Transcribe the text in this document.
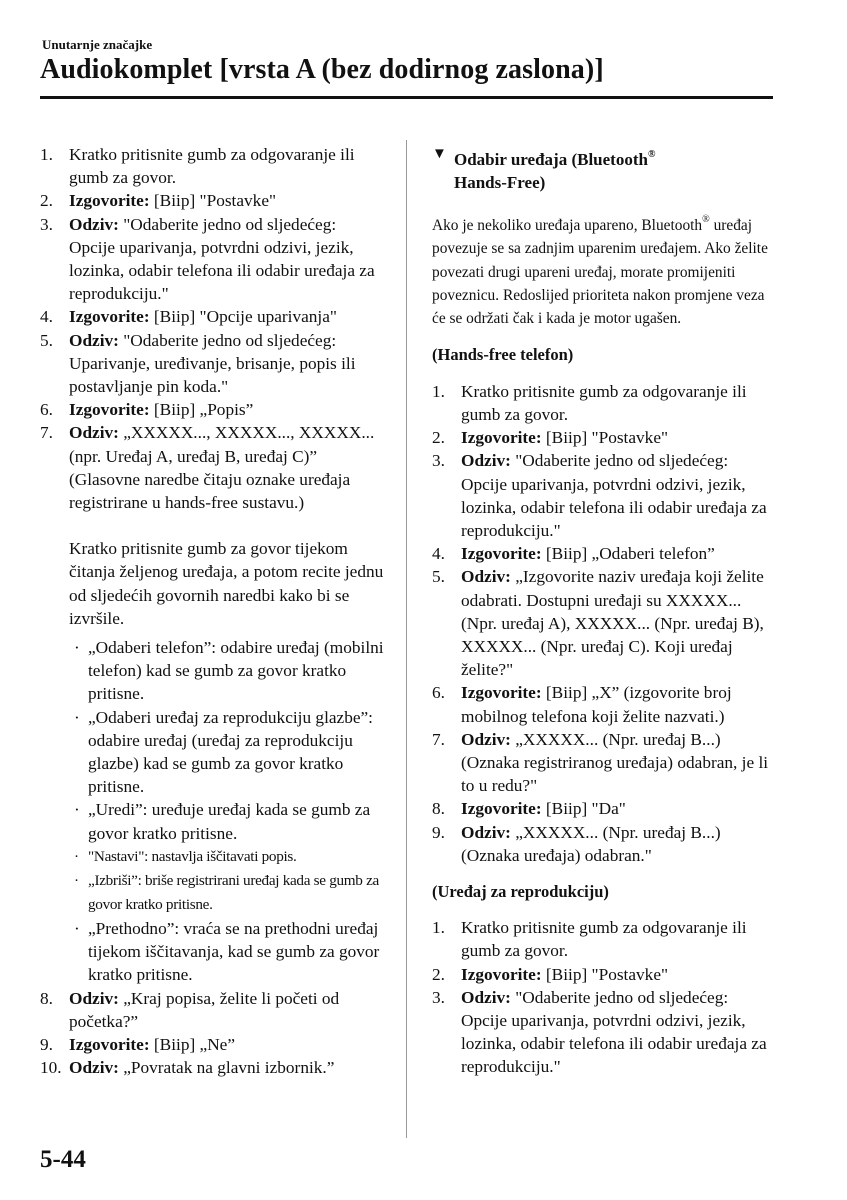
Unutarnje značajke
Audiokomplet [vrsta A (bez dodirnog zaslona)]
1. Kratko pritisnite gumb za odgovaranje ili gumb za govor.
2. Izgovorite: [Biip] "Postavke"
3. Odziv: "Odaberite jedno od sljedećeg: Opcije uparivanja, potvrdni odzivi, jezik, lozinka, odabir telefona ili odabir uređaja za reprodukciju."
4. Izgovorite: [Biip] "Opcije uparivanja"
5. Odziv: "Odaberite jedno od sljedećeg: Uparivanje, uređivanje, brisanje, popis ili postavljanje pin koda."
6. Izgovorite: [Biip] „Popis”
7. Odziv: „XXXXX..., XXXXX..., XXXXX... (npr. Uređaj A, uređaj B, uređaj C)” (Glasovne naredbe čitaju oznake uređaja registrirane u hands-free sustavu.)

Kratko pritisnite gumb za govor tijekom čitanja željenog uređaja, a potom recite jednu od sljedećih govornih naredbi kako bi se izvršile.

· „Odaberi telefon”: odabire uređaj (mobilni telefon) kad se gumb za govor kratko pritisne.
· „Odaberi uređaj za reprodukciju glazbe”: odabire uređaj (uređaj za reprodukciju glazbe) kad se gumb za govor kratko pritisne.
· „Uredi”: uređuje uređaj kada se gumb za govor kratko pritisne.
· "Nastavi": nastavlja iščitavati popis.
· „Izbriši”: briše registrirani uređaj kada se gumb za govor kratko pritisne.
· „Prethodno”: vraća se na prethodni uređaj tijekom iščitavanja, kad se gumb za govor kratko pritisne.
8. Odziv: „Kraj popisa, želite li početi od početka?”
9. Izgovorite: [Biip] „Ne”
10. Odziv: „Povratak na glavni izbornik.”
▼ Odabir uređaja (Bluetooth®
Hands-Free)

Ako je nekoliko uređaja upareno, Bluetooth® uređaj povezuje se sa zadnjim uparenim uređajem. Ako želite povezati drugi upareni uređaj, morate promijeniti poveznicu. Redoslijed prioriteta nakon promjene veza će se održati čak i kada je motor ugašen.

(Hands-free telefon)
1. Kratko pritisnite gumb za odgovaranje ili gumb za govor.
2. Izgovorite: [Biip] "Postavke"
3. Odziv: "Odaberite jedno od sljedećeg: Opcije uparivanja, potvrdni odzivi, jezik, lozinka, odabir telefona ili odabir uređaja za reprodukciju."
4. Izgovorite: [Biip] „Odaberi telefon”
5. Odziv: „Izgovorite naziv uređaja koji želite odabrati. Dostupni uređaji su XXXXX... (Npr. uređaj A), XXXXX... (Npr. uređaj B), XXXXX... (Npr. uređaj C). Koji uređaj želite?"
6. Izgovorite: [Biip] „X” (izgovorite broj mobilnog telefona koji želite nazvati.)
7. Odziv: „XXXXX... (Npr. uređaj B...) (Oznaka registriranog uređaja) odabran, je li to u redu?"
8. Izgovorite: [Biip] "Da"
9. Odziv: „XXXXX... (Npr. uređaj B...) (Oznaka uređaja) odabran."
(Uređaj za reprodukciju)
1. Kratko pritisnite gumb za odgovaranje ili gumb za govor.
2. Izgovorite: [Biip] "Postavke"
3. Odziv: "Odaberite jedno od sljedećeg: Opcije uparivanja, potvrdni odzivi, jezik, lozinka, odabir telefona ili odabir uređaja za reprodukciju."
5-44
